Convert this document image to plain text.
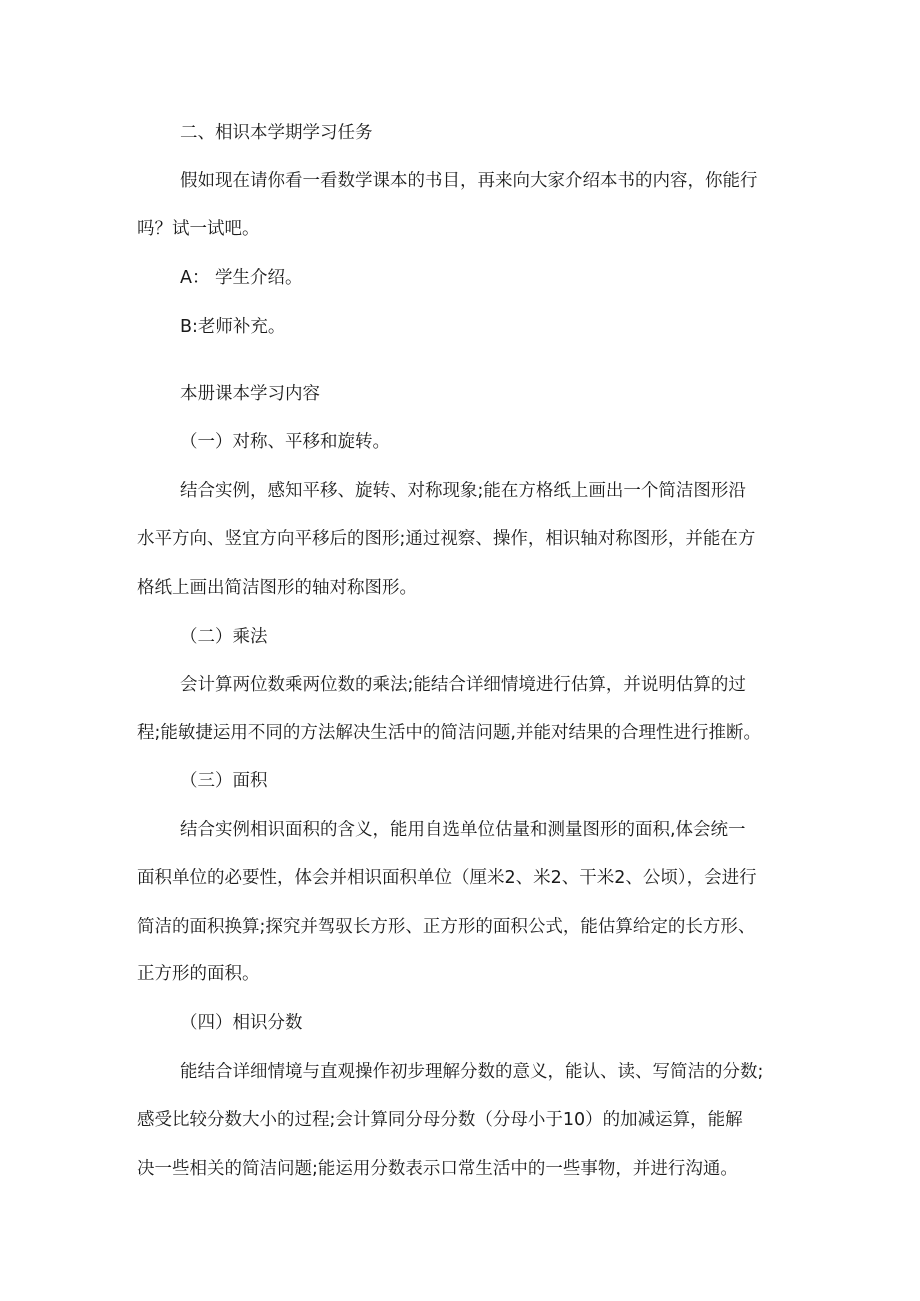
二、相识本学期学习任务
假如现在请你看一看数学课本的书目，再来向大家介绍本书的内容，你能行
吗？试一试吧。
A： 学生介绍。
B:老师补充。
本册课本学习内容
（一）对称、平移和旋转。
结合实例，感知平移、旋转、对称现象;能在方格纸上画出一个简洁图形沿
水平方向、竖宜方向平移后的图形;通过视察、操作，相识轴对称图形，并能在方
格纸上画出简洁图形的轴对称图形。
（二）乘法
会计算两位数乘两位数的乘法;能结合详细情境进行估算，并说明估算的过
程;能敏捷运用不同的方法解决生活中的简洁问题,并能对结果的合理性进行推断。
（三）面积
结合实例相识面积的含义，能用自选单位估量和测量图形的面积,体会统一
面积单位的必要性，体会并相识面积单位（厘米2、米2、干米2、公顷），会进行
简洁的面积换算;探究并驾驭长方形、正方形的面积公式，能估算给定的长方形、
正方形的面积。
（四）相识分数
能结合详细情境与直观操作初步理解分数的意义，能认、读、写简洁的分数;
感受比较分数大小的过程;会计算同分母分数（分母小于10）的加减运算，能解
决一些相关的简洁问题;能运用分数表示口常生活中的一些事物，并进行沟通。
